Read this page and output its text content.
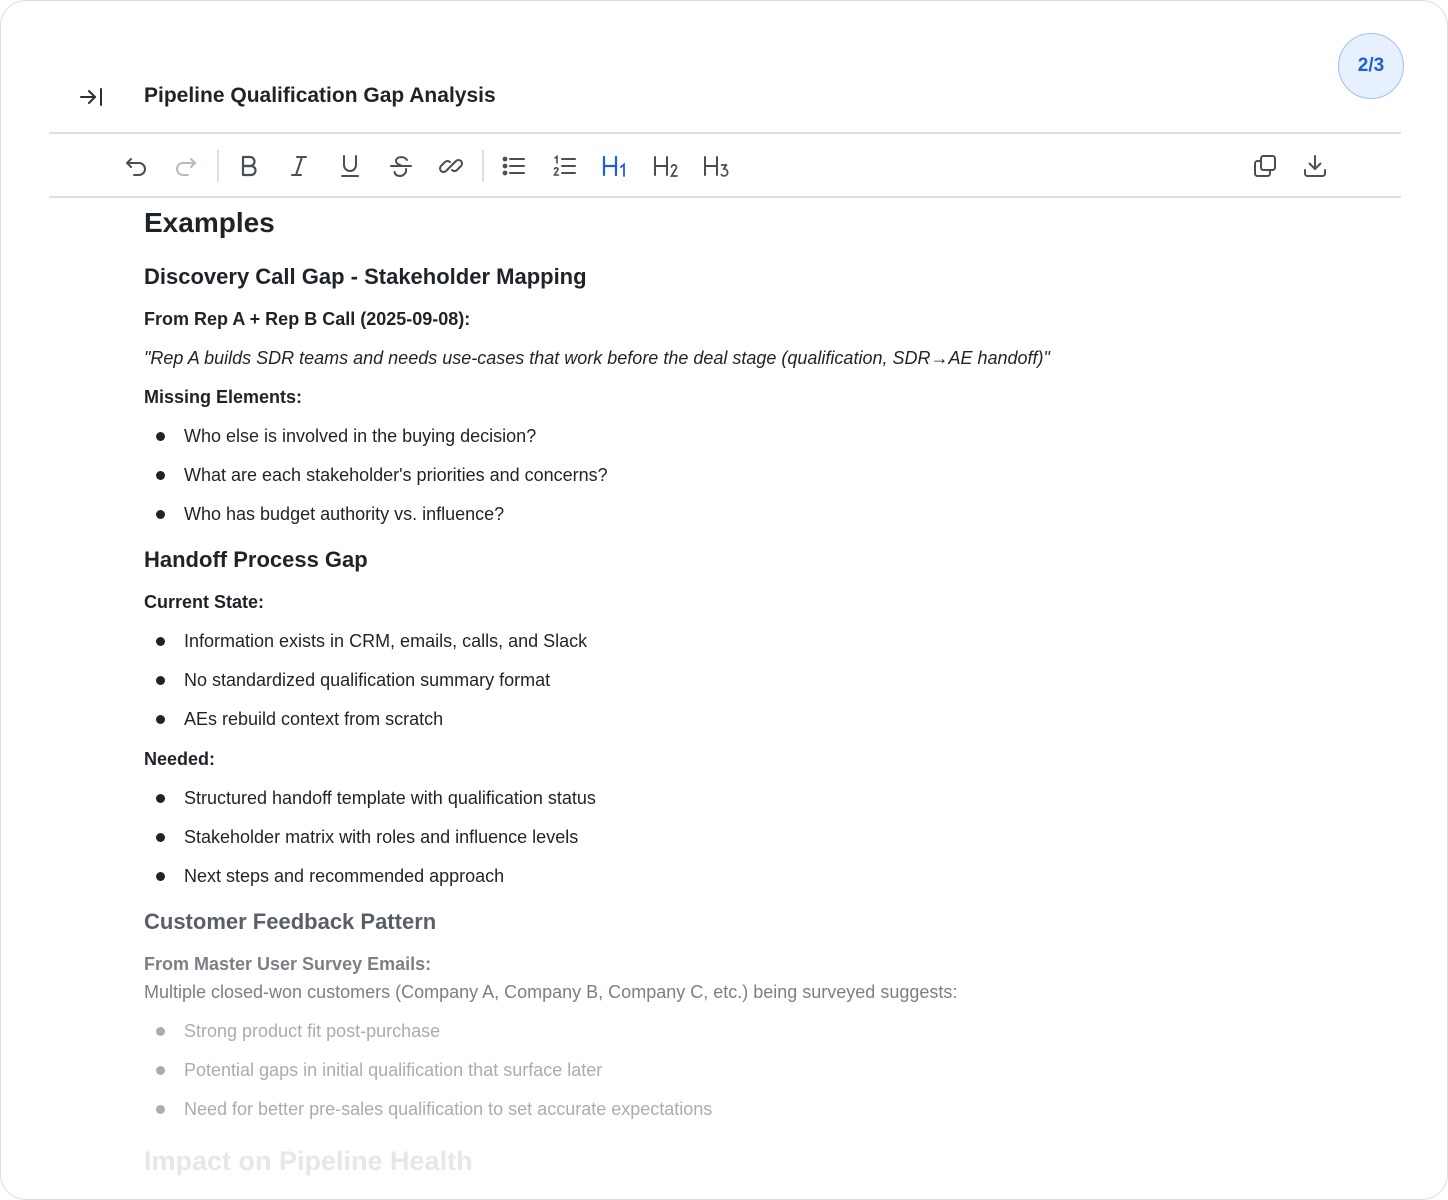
2/3
Pipeline Qualification Gap Analysis
Examples
Discovery Call Gap - Stakeholder Mapping
From Rep A + Rep B Call (2025-09-08):
"Rep A builds SDR teams and needs use-cases that work before the deal stage (qualification, SDR→AE handoff)"
Missing Elements:
Who else is involved in the buying decision?
What are each stakeholder's priorities and concerns?
Who has budget authority vs. influence?
Handoff Process Gap
Current State:
Information exists in CRM, emails, calls, and Slack
No standardized qualification summary format
AEs rebuild context from scratch
Needed:
Structured handoff template with qualification status
Stakeholder matrix with roles and influence levels
Next steps and recommended approach
Customer Feedback Pattern
From Master User Survey Emails:
Multiple closed-won customers (Company A, Company B, Company C, etc.) being surveyed suggests:
Strong product fit post-purchase
Potential gaps in initial qualification that surface later
Need for better pre-sales qualification to set accurate expectations
Impact on Pipeline Health
